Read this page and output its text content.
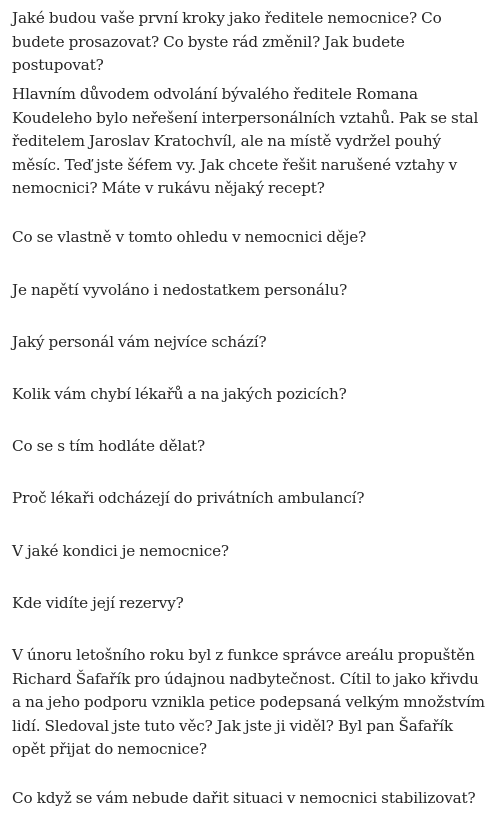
Jaké budou vaše první kroky jako ředitele nemocnice? Co budete prosazovat? Co byste rád změnil? Jak budete postupovat?

Hlavním důvodem odvolání bývalého ředitele Romana Koudeleho bylo neřešení interpersonálních vztahů. Pak se stal ředitelem Jaroslav Kratochvíl, ale na místě vydržel pouhý měsíc. Teď jste šéfem vy. Jak chcete řešit narušené vztahy v nemocnici? Máte v rukávu nějaký recept?

Co se vlastně v tomto ohledu v nemocnici děje?

Je napětí vyvoláno i nedostatkem personálu?

Jaký personál vám nejvíce schází?

Kolik vám chybí lékařů a na jakých pozicích?

Co se s tím hodláte dělat?

Proč lékaři odcházejí do privátních ambulancí?

V jaké kondici je nemocnice?

Kde vidíte její rezervy?

V únoru letošního roku byl z funkce správce areálu propuštěn Richard Šafařík pro údajnou nadbytečnost. Cítil to jako křivdu a na jeho podporu vznikla petice podepsaná velkým množstvím lidí. Sledoval jste tuto věc? Jak jste ji viděl? Byl pan Šafařík opět přijat do nemocnice?

Co když se vám nebude dařit situaci v nemocnici stabilizovat?
